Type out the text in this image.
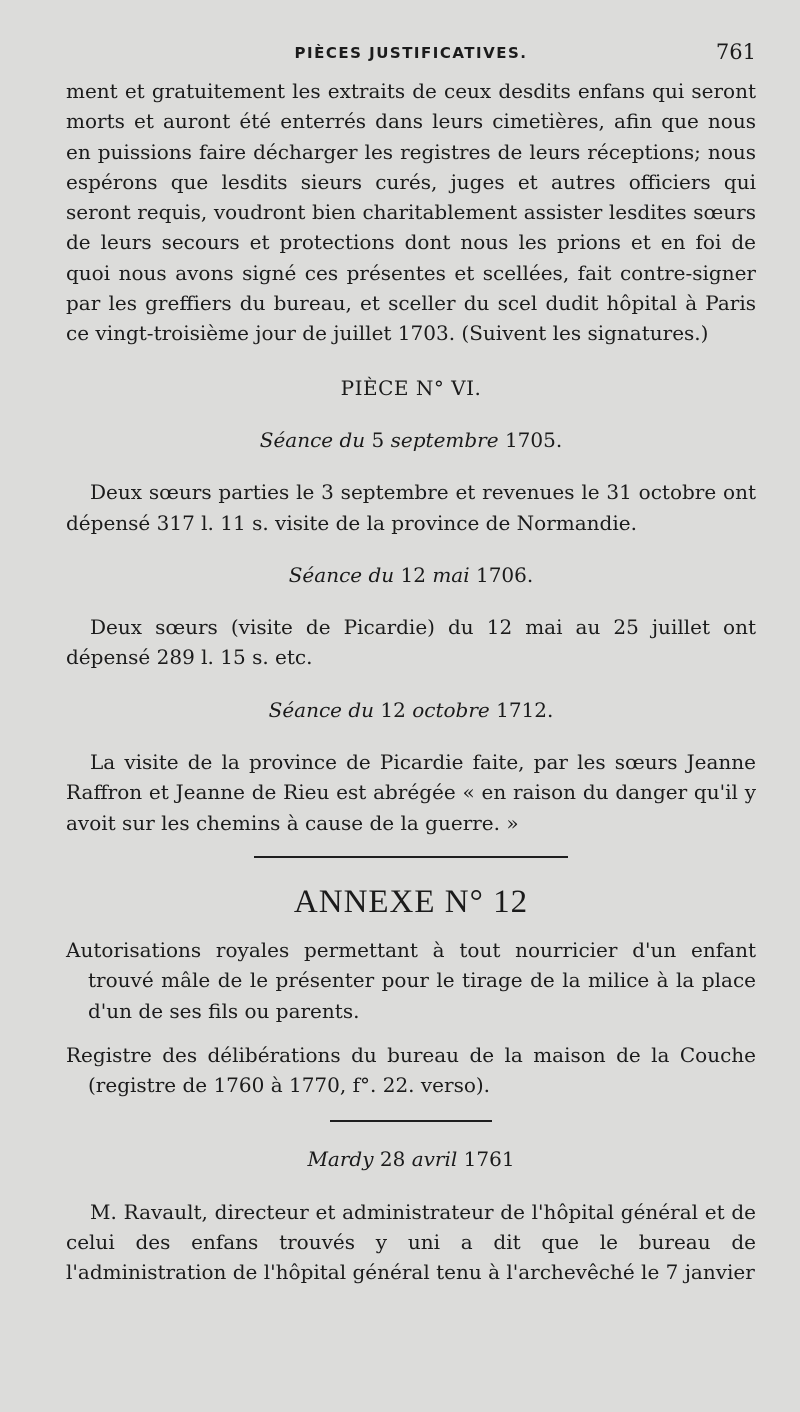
PIÈCES JUSTIFICATIVES.	761

ment et gratuitement les extraits de ceux desdits enfans qui seront morts et auront été enterrés dans leurs cimetières, afin que nous en puissions faire décharger les registres de leurs réceptions; nous espérons que lesdits sieurs curés, juges et autres officiers qui seront requis, voudront bien charitablement assister lesdites sœurs de leurs secours et protections dont nous les prions et en foi de quoi nous avons signé ces présentes et scellées, fait contre-signer par les greffiers du bureau, et sceller du scel dudit hôpital à Paris ce vingt-troisième jour de juillet 1703. (Suivent les signatures.)

PIÈCE N° VI.

Séance du 5 septembre 1705.

Deux sœurs parties le 3 septembre et revenues le 31 octobre ont dépensé 317 l. 11 s. visite de la province de Normandie.

Séance du 12 mai 1706.

Deux sœurs (visite de Picardie) du 12 mai au 25 juillet ont dépensé 289 l. 15 s. etc.

Séance du 12 octobre 1712.

La visite de la province de Picardie faite, par les sœurs Jeanne Raffron et Jeanne de Rieu est abrégée « en raison du danger qu'il y avoit sur les chemins à cause de la guerre. »

ANNEXE N° 12

Autorisations royales permettant à tout nourricier d'un enfant trouvé mâle de le présenter pour le tirage de la milice à la place d'un de ses fils ou parents.

Registre des délibérations du bureau de la maison de la Couche (registre de 1760 à 1770, f°. 22. verso).

Mardy 28 avril 1761

M. Ravault, directeur et administrateur de l'hôpital général et de celui des enfans trouvés y uni a dit que le bureau de l'administration de l'hôpital général tenu à l'archevêché le 7 janvier
